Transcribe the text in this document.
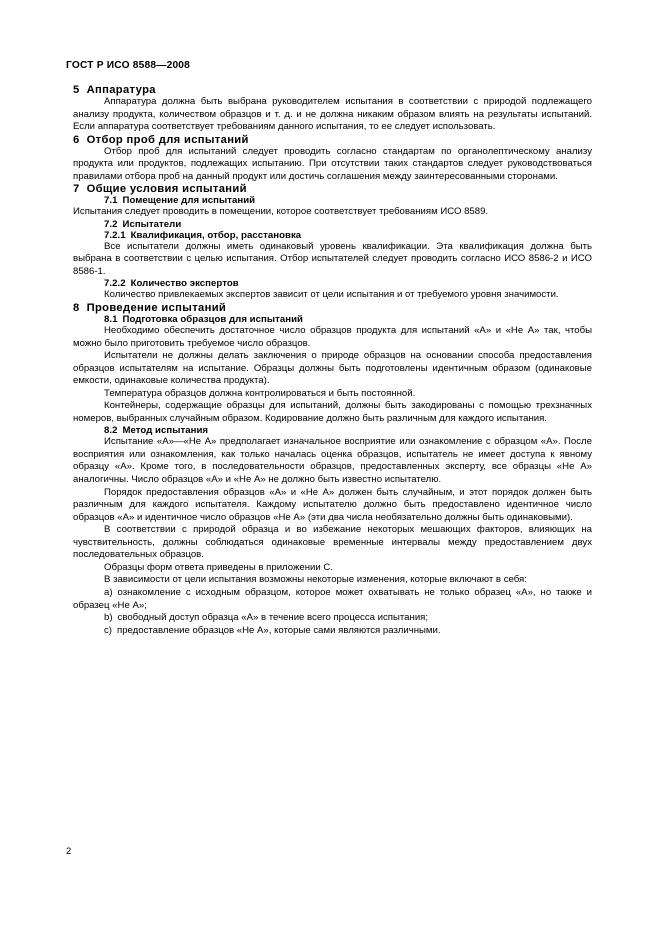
ГОСТ Р ИСО 8588—2008
5 Аппаратура

Аппаратура должна быть выбрана руководителем испытания в соответствии с природой подлежащего анализу продукта, количеством образцов и т. д. и не должна никаким образом влиять на результаты испытаний. Если аппаратура соответствует требованиям данного испытания, то ее следует использовать.

6 Отбор проб для испытаний

Отбор проб для испытаний следует проводить согласно стандартам по органолептическому анализу продукта или продуктов, подлежащих испытанию. При отсутствии таких стандартов следует руководствоваться правилами отбора проб на данный продукт или достичь соглашения между заинтересованными сторонами.

7 Общие условия испытаний
7.1 Помещение для испытаний

Испытания следует проводить в помещении, которое соответствует требованиям ИСО 8589.

7.2 Испытатели
7.2.1 Квалификация, отбор, расстановка

Все испытатели должны иметь одинаковый уровень квалификации. Эта квалификация должна быть выбрана в соответствии с целью испытания. Отбор испытателей следует проводить согласно ИСО 8586-2 и ИСО 8586-1.

7.2.2 Количество экспертов

Количество привлекаемых экспертов зависит от цели испытания и от требуемого уровня значимости.

8 Проведение испытаний
8.1 Подготовка образцов для испытаний

Необходимо обеспечить достаточное число образцов продукта для испытаний «А» и «Не А» так, чтобы можно было приготовить требуемое число образцов.

Испытатели не должны делать заключения о природе образцов на основании способа предоставления образцов испытателям на испытание. Образцы должны быть подготовлены идентичным образом (одинаковые емкости, одинаковые количества продукта).

Температура образцов должна контролироваться и быть постоянной.

Контейнеры, содержащие образцы для испытаний, должны быть закодированы с помощью трехзначных номеров, выбранных случайным образом. Кодирование должно быть различным для каждого испытания.

8.2 Метод испытания

Испытание «А»—«Не А» предполагает изначальное восприятие или ознакомление с образцом «А». После восприятия или ознакомления, как только началась оценка образцов, испытатель не имеет доступа к явному образцу «А». Кроме того, в последовательности образцов, предоставленных эксперту, все образцы «Не А» аналогичны. Число образцов «А» и «Не А» не должно быть известно испытателю.

Порядок предоставления образцов «А» и «Не А» должен быть случайным, и этот порядок должен быть различным для каждого испытателя. Каждому испытателю должно быть предоставлено идентичное число образцов «А» и идентичное число образцов «Не А» (эти два числа необязательно должны быть одинаковыми).

В соответствии с природой образца и во избежание некоторых мешающих факторов, влияющих на чувствительность, должны соблюдаться одинаковые временные интервалы между предоставлением двух последовательных образцов.

Образцы форм ответа приведены в приложении С.

В зависимости от цели испытания возможны некоторые изменения, которые включают в себя:

a) ознакомление с исходным образцом, которое может охватывать не только образец «А», но также и образец «Не А»;

b) свободный доступ образца «А» в течение всего процесса испытания;

c) предоставление образцов «Не А», которые сами являются различными.

2
